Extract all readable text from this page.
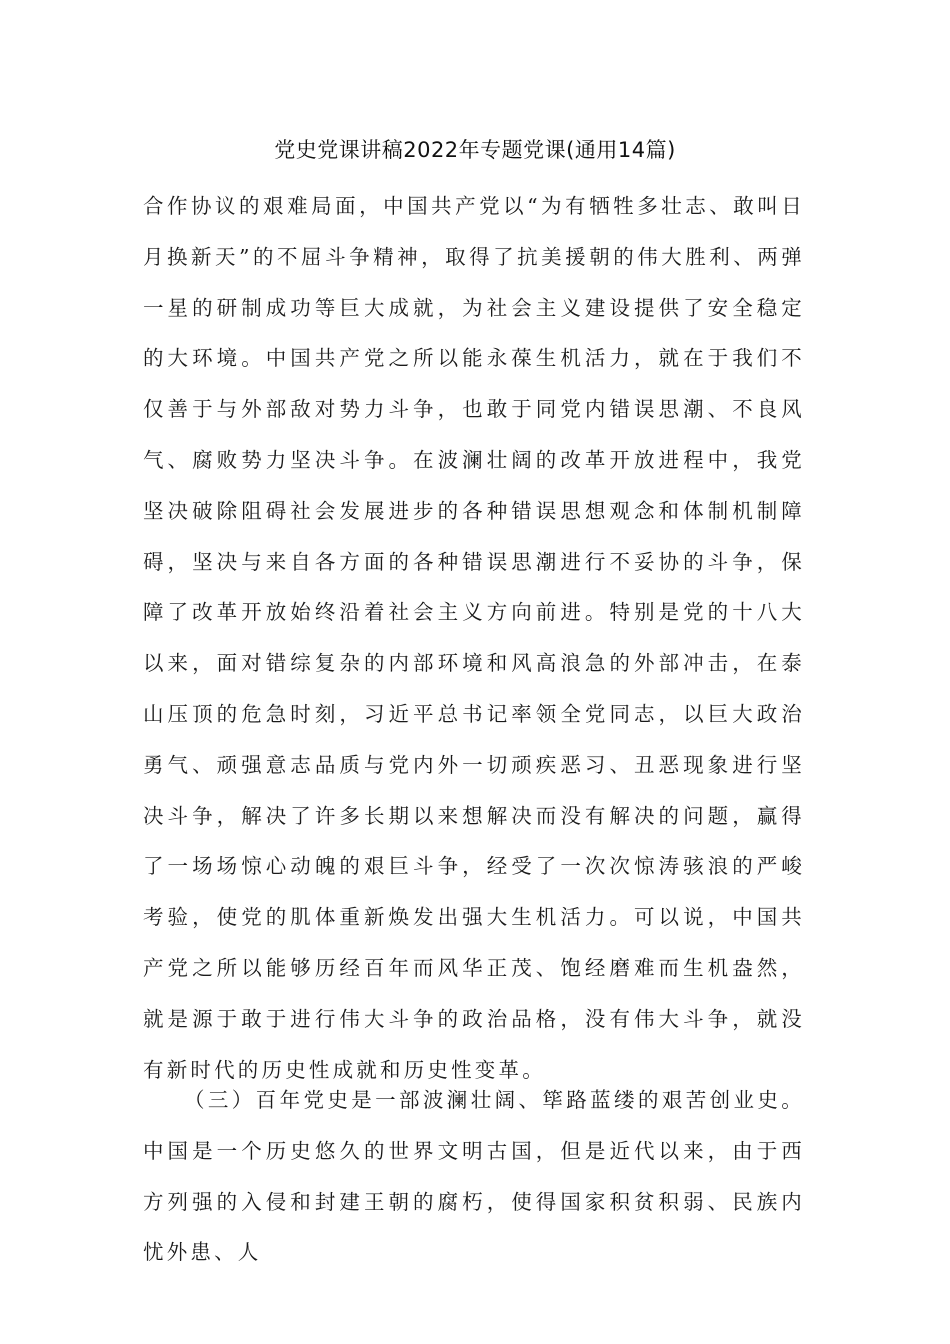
党史党课讲稿2022年专题党课(通用14篇)

合作协议的艰难局面，中国共产党以“为有牺牲多壮志、敢叫日月换新天”的不屈斗争精神，取得了抗美援朝的伟大胜利、两弹一星的研制成功等巨大成就，为社会主义建设提供了安全稳定的大环境。中国共产党之所以能永葆生机活力，就在于我们不仅善于与外部敌对势力斗争，也敢于同党内错误思潮、不良风气、腐败势力坚决斗争。在波澜壮阔的改革开放进程中，我党坚决破除阻碍社会发展进步的各种错误思想观念和体制机制障碍，坚决与来自各方面的各种错误思潮进行不妥协的斗争，保障了改革开放始终沿着社会主义方向前进。特别是党的十八大以来，面对错综复杂的内部环境和风高浪急的外部冲击，在泰山压顶的危急时刻，习近平总书记率领全党同志，以巨大政治勇气、顽强意志品质与党内外一切顽疾恶习、丑恶现象进行坚决斗争，解决了许多长期以来想解决而没有解决的问题，赢得了一场场惊心动魄的艰巨斗争，经受了一次次惊涛骇浪的严峻考验，使党的肌体重新焕发出强大生机活力。可以说，中国共产党之所以能够历经百年而风华正茂、饱经磨难而生机盎然，就是源于敢于进行伟大斗争的政治品格，没有伟大斗争，就没有新时代的历史性成就和历史性变革。

（三）百年党史是一部波澜壮阔、筚路蓝缕的艰苦创业史。中国是一个历史悠久的世界文明古国，但是近代以来，由于西方列强的入侵和封建王朝的腐朽，使得国家积贫积弱、民族内忧外患、人
